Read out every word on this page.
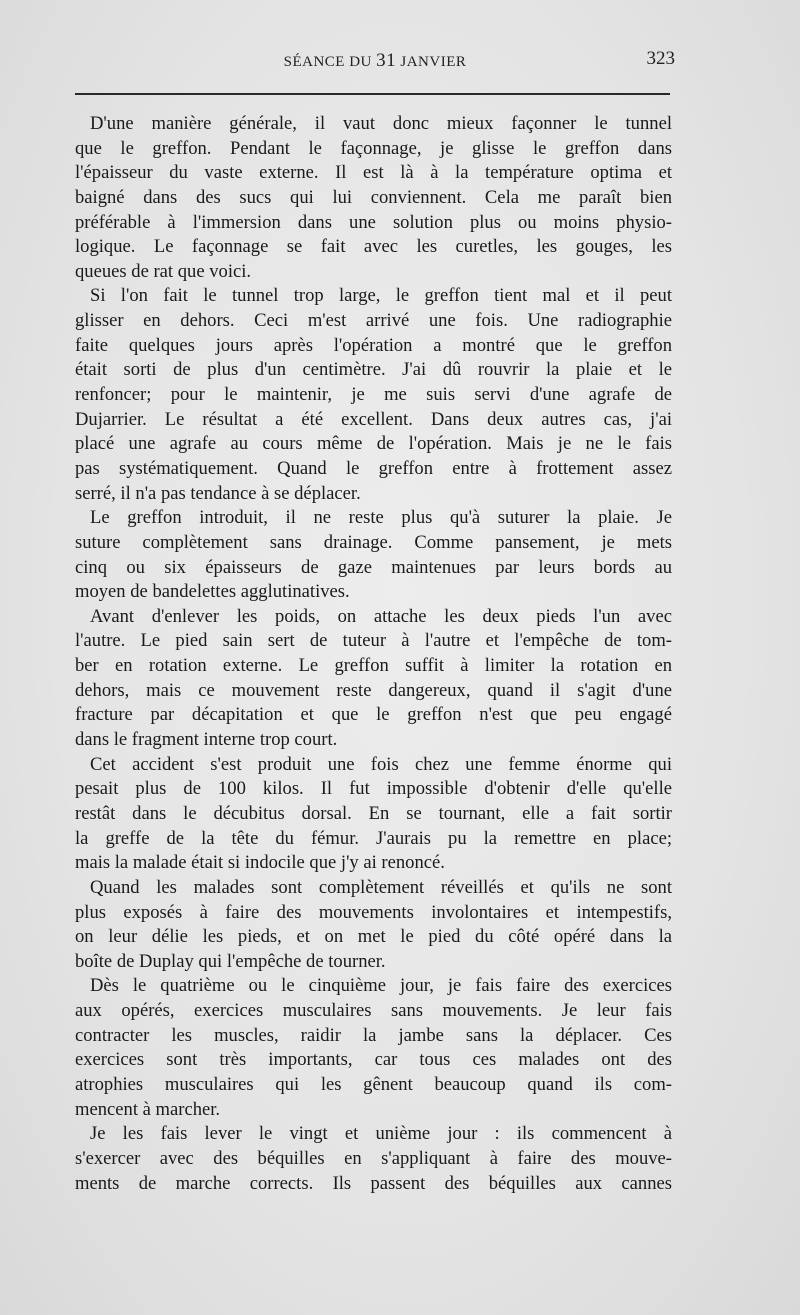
SÉANCE DU 31 JANVIER	323
D'une manière générale, il vaut donc mieux façonner le tunnel
que le greffon. Pendant le façonnage, je glisse le greffon dans
l'épaisseur du vaste externe. Il est là à la température optima et
baigné dans des sucs qui lui conviennent. Cela me paraît bien
préférable à l'immersion dans une solution plus ou moins physio-
logique. Le façonnage se fait avec les curetles, les gouges, les
queues de rat que voici.
Si l'on fait le tunnel trop large, le greffon tient mal et il peut
glisser en dehors. Ceci m'est arrivé une fois. Une radiographie
faite quelques jours après l'opération a montré que le greffon
était sorti de plus d'un centimètre. J'ai dû rouvrir la plaie et le
renfoncer; pour le maintenir, je me suis servi d'une agrafe de
Dujarrier. Le résultat a été excellent. Dans deux autres cas, j'ai
placé une agrafe au cours même de l'opération. Mais je ne le fais
pas systématiquement. Quand le greffon entre à frottement assez
serré, il n'a pas tendance à se déplacer.
Le greffon introduit, il ne reste plus qu'à suturer la plaie. Je
suture complètement sans drainage. Comme pansement, je mets
cinq ou six épaisseurs de gaze maintenues par leurs bords au
moyen de bandelettes agglutinatives.
Avant d'enlever les poids, on attache les deux pieds l'un avec
l'autre. Le pied sain sert de tuteur à l'autre et l'empêche de tom-
ber en rotation externe. Le greffon suffit à limiter la rotation en
dehors, mais ce mouvement reste dangereux, quand il s'agit d'une
fracture par décapitation et que le greffon n'est que peu engagé
dans le fragment interne trop court.
Cet accident s'est produit une fois chez une femme énorme qui
pesait plus de 100 kilos. Il fut impossible d'obtenir d'elle qu'elle
restât dans le décubitus dorsal. En se tournant, elle a fait sortir
la greffe de la tête du fémur. J'aurais pu la remettre en place;
mais la malade était si indocile que j'y ai renoncé.
Quand les malades sont complètement réveillés et qu'ils ne sont
plus exposés à faire des mouvements involontaires et intempestifs,
on leur délie les pieds, et on met le pied du côté opéré dans la
boîte de Duplay qui l'empêche de tourner.
Dès le quatrième ou le cinquième jour, je fais faire des exercices
aux opérés, exercices musculaires sans mouvements. Je leur fais
contracter les muscles, raidir la jambe sans la déplacer. Ces
exercices sont très importants, car tous ces malades ont des
atrophies musculaires qui les gênent beaucoup quand ils com-
mencent à marcher.
Je les fais lever le vingt et unième jour : ils commencent à
s'exercer avec des béquilles en s'appliquant à faire des mouve-
ments de marche corrects. Ils passent des béquilles aux cannes
